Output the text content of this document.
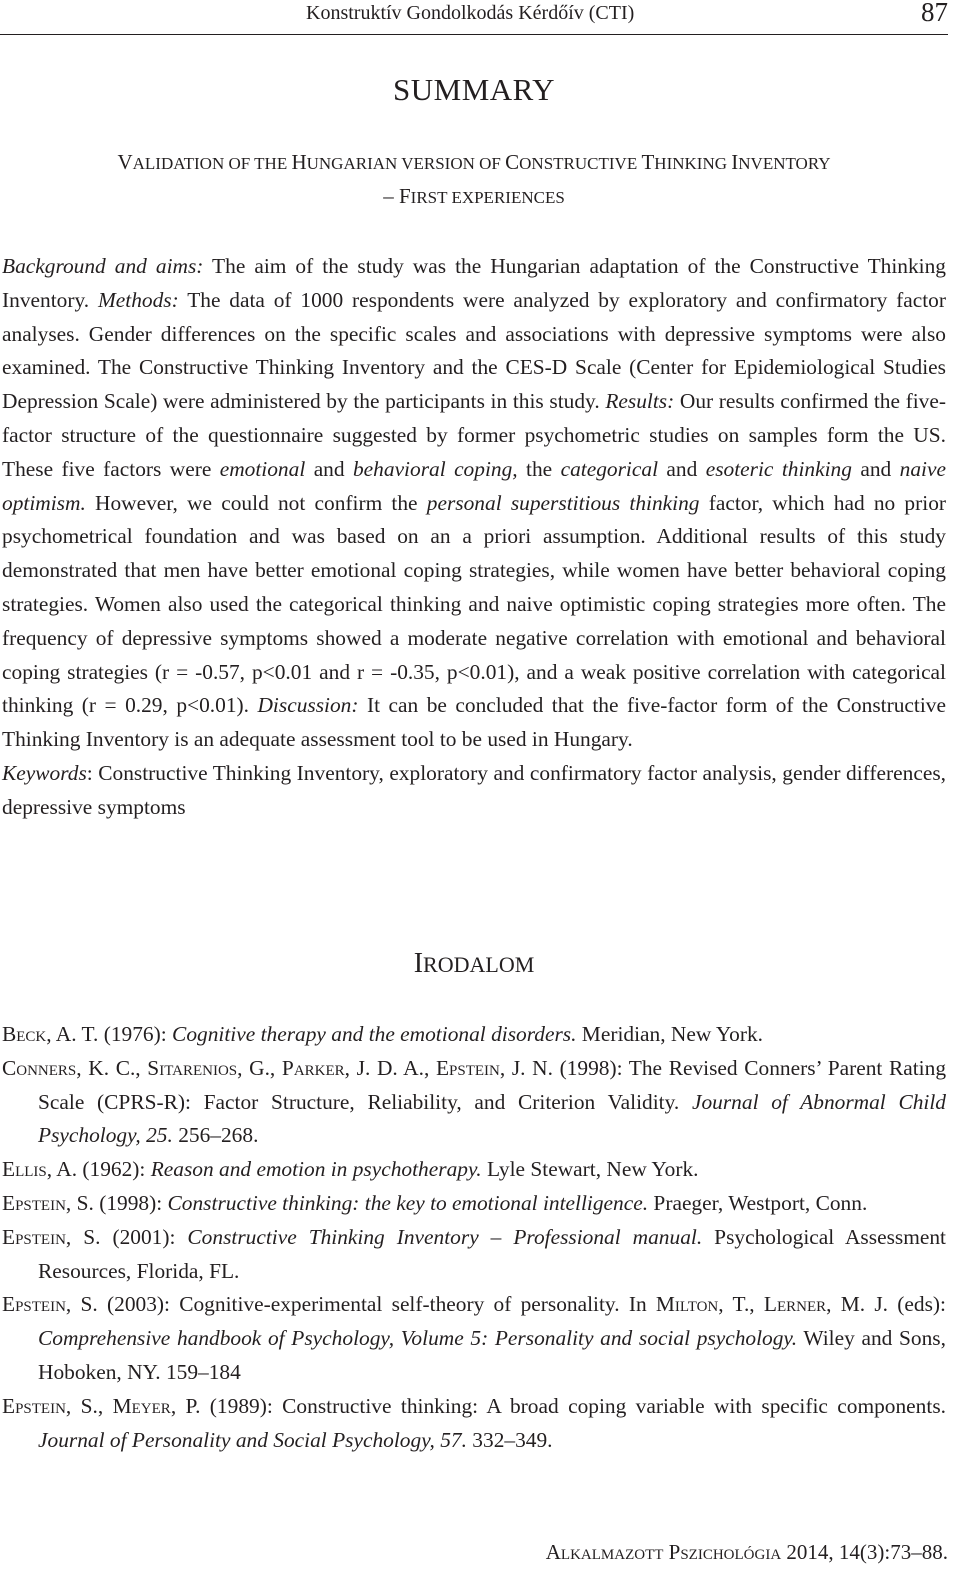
Konstruktív Gondolkodás Kérdőív (CTI)	87
SUMMARY
VALIDATION OF THE HUNGARIAN VERSION OF CONSTRUCTIVE THINKING INVENTORY
– FIRST EXPERIENCES

Background and aims: The aim of the study was the Hungarian adaptation of the Constructive Thinking Inventory. Methods: The data of 1000 respondents were analyzed by exploratory and confirmatory factor analyses. Gender differences on the specific scales and associations with depressive symptoms were also examined. The Constructive Thinking Inventory and the CES-D Scale (Center for Epidemiological Studies Depression Scale) were administered by the participants in this study. Results: Our results confirmed the five-factor structure of the questionnaire suggested by former psychometric studies on samples form the US. These five factors were emotional and behavioral coping, the categorical and esoteric thinking and naive optimism. However, we could not confirm the personal superstitious thinking factor, which had no prior psychometrical foundation and was based on an a priori assumption. Additional results of this study demonstrated that men have better emotional coping strategies, while women have better behavioral coping strategies. Women also used the categorical thinking and naive optimistic coping strategies more often. The frequency of depressive symptoms showed a moderate negative correlation with emotional and behavioral coping strategies (r = -0.57, p<0.01 and r = -0.35, p<0.01), and a weak positive correlation with categorical thinking (r = 0.29, p<0.01). Discussion: It can be concluded that the five-factor form of the Constructive Thinking Inventory is an adequate assessment tool to be used in Hungary.

Keywords: Constructive Thinking Inventory, exploratory and confirmatory factor analysis, gender differences, depressive symptoms

IRODALOM

Beck, A. T. (1976): Cognitive therapy and the emotional disorders. Meridian, New York.

Conners, K. C., Sitarenios, G., Parker, J. D. A., Epstein, J. N. (1998): The Revised Conners’ Parent Rating Scale (CPRS-R): Factor Structure, Reliability, and Criterion Validity. Journal of Abnormal Child Psychology, 25. 256–268.

Ellis, A. (1962): Reason and emotion in psychotherapy. Lyle Stewart, New York.

Epstein, S. (1998): Constructive thinking: the key to emotional intelligence. Praeger, Westport, Conn.

Epstein, S. (2001): Constructive Thinking Inventory – Professional manual. Psychological Assessment Resources, Florida, FL.

Epstein, S. (2003): Cognitive-experimental self-theory of personality. In Milton, T., Lerner, M. J. (eds): Comprehensive handbook of Psychology, Volume 5: Personality and social psychology. Wiley and Sons, Hoboken, NY. 159–184

Epstein, S., Meyer, P. (1989): Constructive thinking: A broad coping variable with specific components. Journal of Personality and Social Psychology, 57. 332–349.

Alkalmazott Pszichológia 2014, 14(3):73–88.
